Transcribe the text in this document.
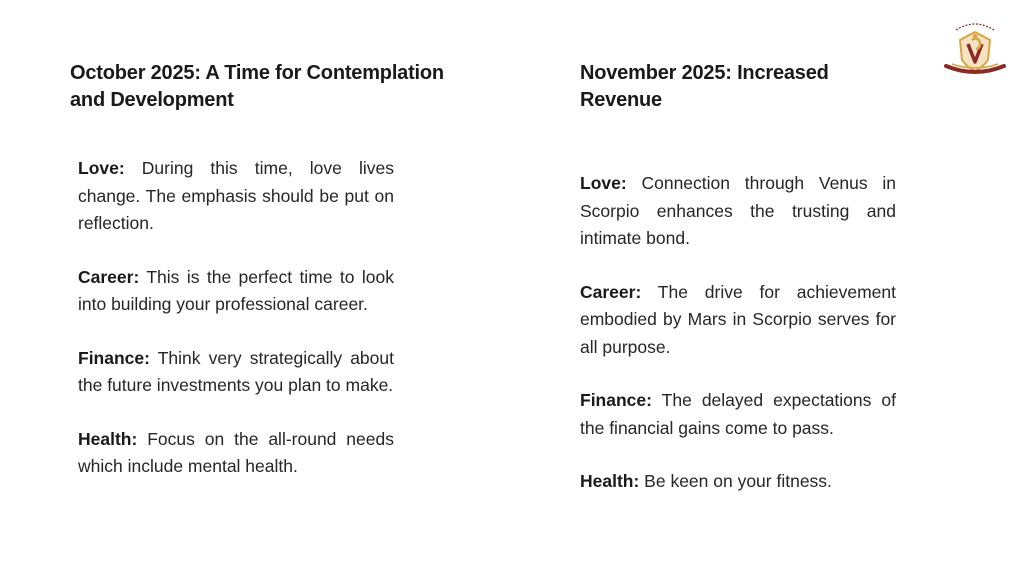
October 2025: A Time for Contemplation and Development
November 2025: Increased Revenue

Love: During this time, love lives change. The emphasis should be put on reflection.

Career: This is the perfect time to look into building your professional career.

Finance: Think very strategically about the future investments you plan to make.

Health: Focus on the all-round needs which include mental health.

Love: Connection through Venus in Scorpio enhances the trusting and intimate bond.

Career: The drive for achievement embodied by Mars in Scorpio serves for all purpose.

Finance: The delayed expectations of the financial gains come to pass.

Health: Be keen on your fitness.
